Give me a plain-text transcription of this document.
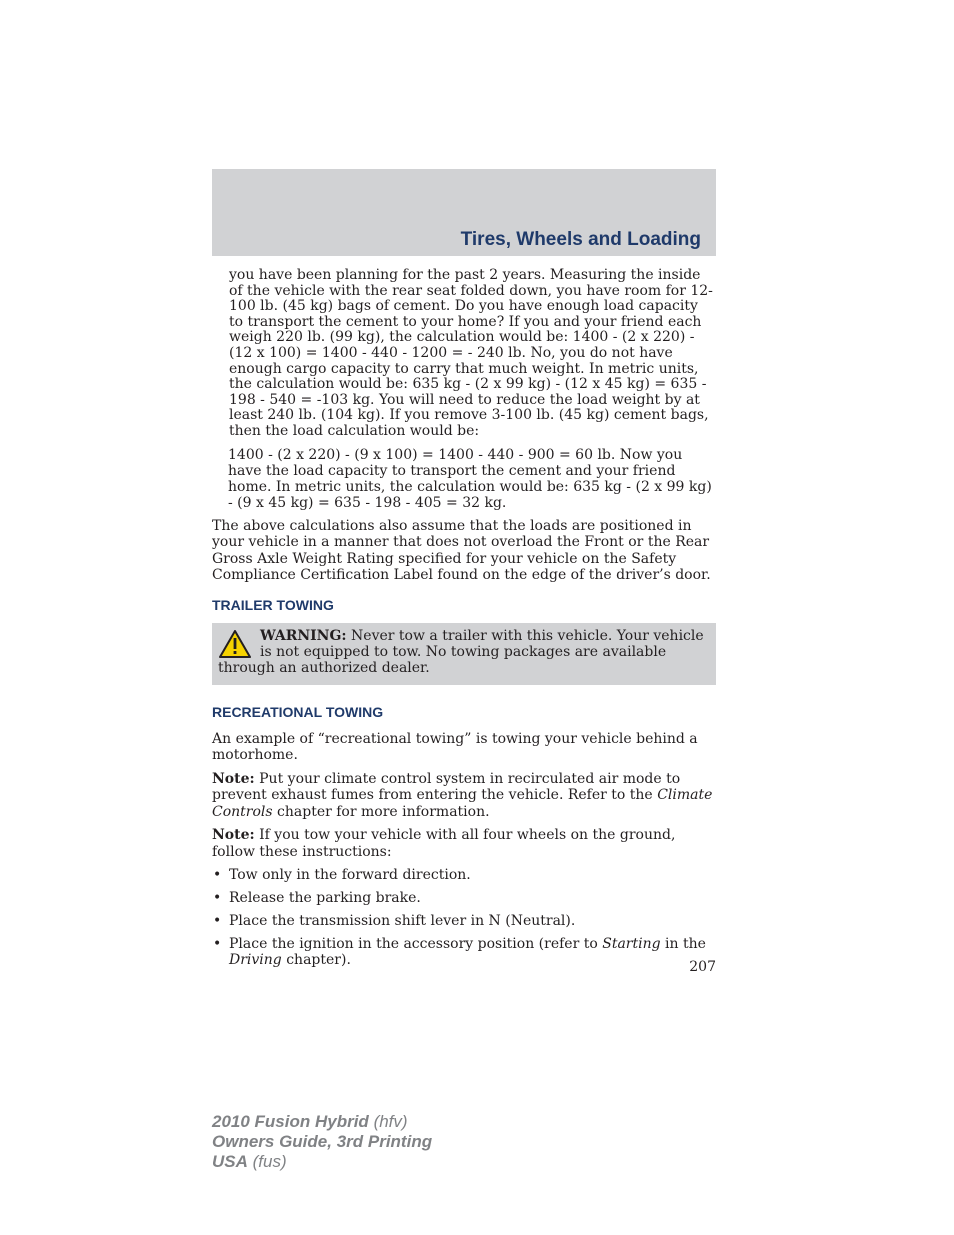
Tires, Wheels and Loading

you have been planning for the past 2 years. Measuring the inside of the vehicle with the rear seat folded down, you have room for 12-100 lb. (45 kg) bags of cement. Do you have enough load capacity to transport the cement to your home? If you and your friend each weigh 220 lb. (99 kg), the calculation would be: 1400 - (2 x 220) - (12 x 100) = 1400 - 440 - 1200 = - 240 lb. No, you do not have enough cargo capacity to carry that much weight. In metric units, the calculation would be: 635 kg - (2 x 99 kg) - (12 x 45 kg) = 635 - 198 - 540 = -103 kg. You will need to reduce the load weight by at least 240 lb. (104 kg). If you remove 3-100 lb. (45 kg) cement bags, then the load calculation would be:

1400 - (2 x 220) - (9 x 100) = 1400 - 440 - 900 = 60 lb. Now you have the load capacity to transport the cement and your friend home. In metric units, the calculation would be: 635 kg - (2 x 99 kg) - (9 x 45 kg) = 635 - 198 - 405 = 32 kg.

The above calculations also assume that the loads are positioned in your vehicle in a manner that does not overload the Front or the Rear Gross Axle Weight Rating specified for your vehicle on the Safety Compliance Certification Label found on the edge of the driver’s door.

TRAILER TOWING
WARNING: Never tow a trailer with this vehicle. Your vehicle is not equipped to tow. No towing packages are available through an authorized dealer.
RECREATIONAL TOWING

An example of “recreational towing” is towing your vehicle behind a motorhome.

Note: Put your climate control system in recirculated air mode to prevent exhaust fumes from entering the vehicle. Refer to the Climate Controls chapter for more information.

Note: If you tow your vehicle with all four wheels on the ground, follow these instructions:

• Tow only in the forward direction.
• Release the parking brake.
• Place the transmission shift lever in N (Neutral).
• Place the ignition in the accessory position (refer to Starting in the Driving chapter).	207
2010 Fusion Hybrid (hfv)
Owners Guide, 3rd Printing
USA (fus)
